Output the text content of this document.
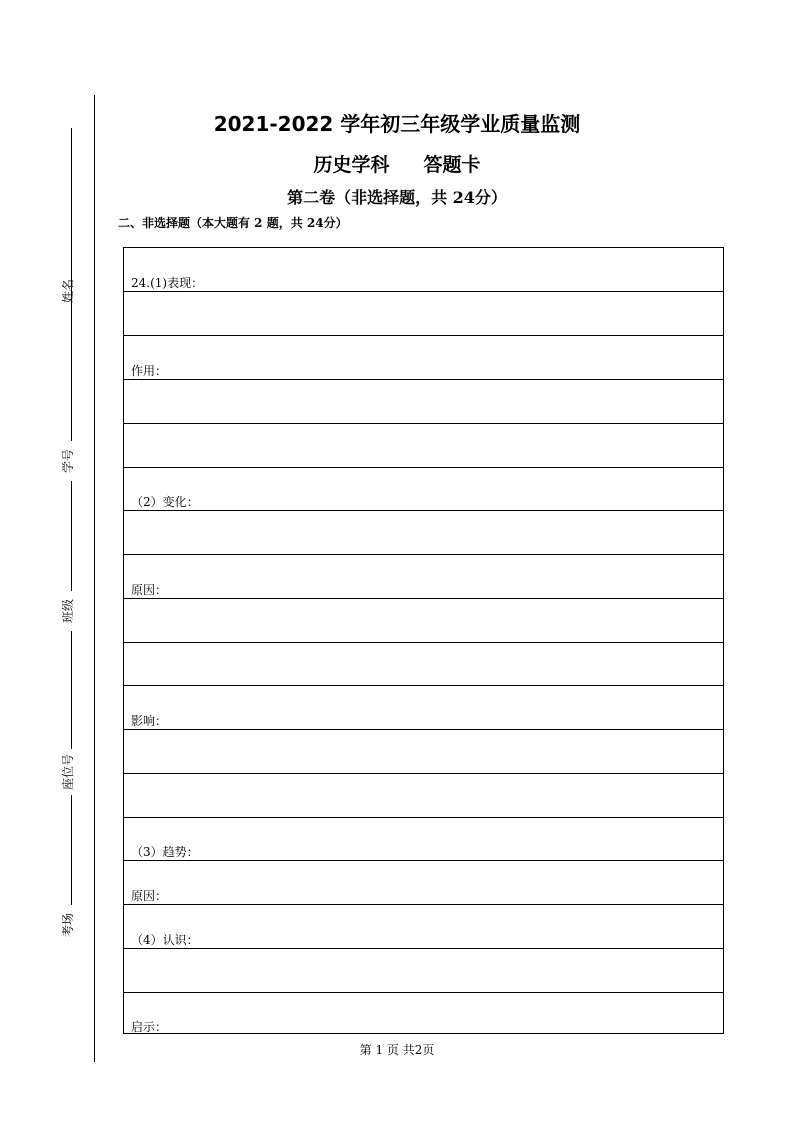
姓名
学号
班级
座位号
考场
2021-2022 学年初三年级学业质量监测
历史学科 答题卡
第二卷（非选择题，共 24分）
二、非选择题（本大题有 2 题，共 24分）
24.(1)表现：
作用：
（2）变化：
原因：
影响：
（3）趋势：
原因：
（4）认识：
启示：
第 1 页 共2页
